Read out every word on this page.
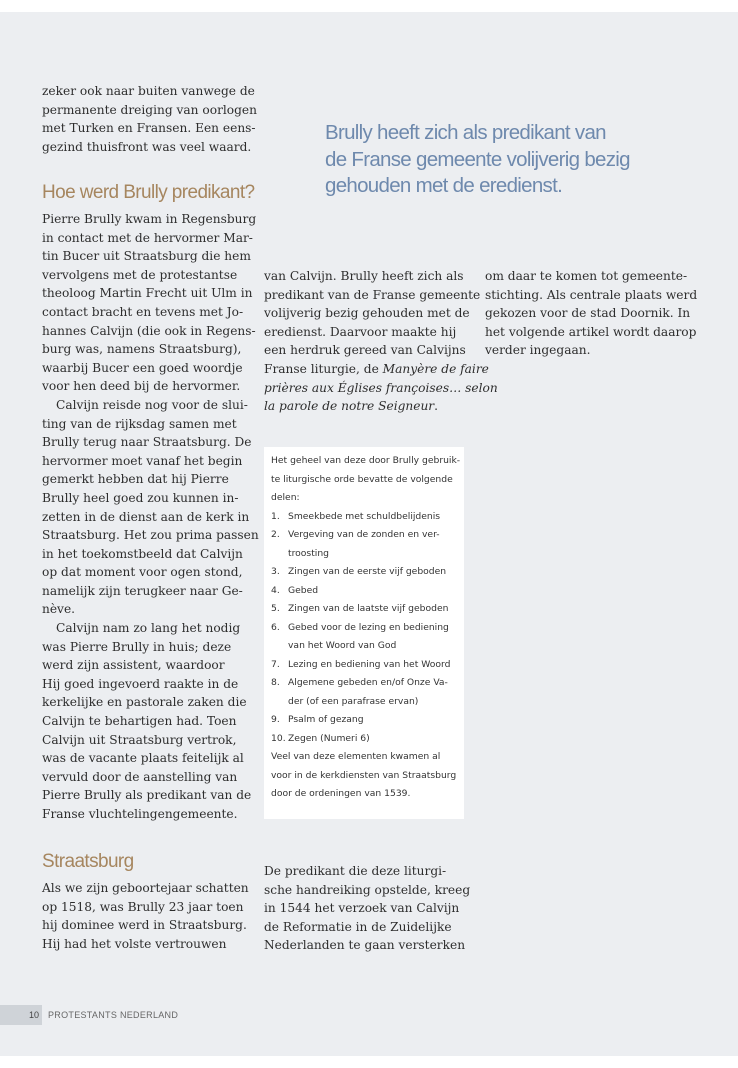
zeker ook naar buiten vanwege de
permanente dreiging van oorlogen
met Turken en Fransen. Een eens-
gezind thuisfront was veel waard.
Hoe werd Brully predikant?
Pierre Brully kwam in Regensburg
in contact met de hervormer Mar-
tin Bucer uit Straatsburg die hem
vervolgens met de protestantse
theoloog Martin Frecht uit Ulm in
contact bracht en tevens met Jo-
hannes Calvijn (die ook in Regens-
burg was, namens Straatsburg),
waarbij Bucer een goed woordje
voor hen deed bij de hervormer.
Calvijn reisde nog voor de slui-
ting van de rijksdag samen met
Brully terug naar Straatsburg. De
hervormer moet vanaf het begin
gemerkt hebben dat hij Pierre
Brully heel goed zou kunnen in-
zetten in de dienst aan de kerk in
Straatsburg. Het zou prima passen
in het toekomstbeeld dat Calvijn
op dat moment voor ogen stond,
namelijk zijn terugkeer naar Ge-
nève.
Calvijn nam zo lang het nodig
was Pierre Brully in huis; deze
werd zijn assistent, waardoor
Hij goed ingevoerd raakte in de
kerkelijke en pastorale zaken die
Calvijn te behartigen had. Toen
Calvijn uit Straatsburg vertrok,
was de vacante plaats feitelijk al
vervuld door de aanstelling van
Pierre Brully als predikant van de
Franse vluchtelingengemeente.
Straatsburg
Als we zijn geboortejaar schatten
op 1518, was Brully 23 jaar toen
hij dominee werd in Straatsburg.
Hij had het volste vertrouwen
Brully heeft zich als predikant van
de Franse gemeente volijverig bezig
gehouden met de eredienst.
van Calvijn. Brully heeft zich als
predikant van de Franse gemeente
volijverig bezig gehouden met de
eredienst. Daarvoor maakte hij
een herdruk gereed van Calvijns
Franse liturgie, de Manyère de faire
prières aux Églises françoises… selon
la parole de notre Seigneur.
Het geheel van deze door Brully gebruik-
te liturgische orde bevatte de volgende
delen:
1. Smeekbede met schuldbelijdenis
2. Vergeving van de zonden en ver-
troosting
3. Zingen van de eerste vijf geboden
4. Gebed
5. Zingen van de laatste vijf geboden
6. Gebed voor de lezing en bediening
van het Woord van God
7. Lezing en bediening van het Woord
8. Algemene gebeden en/of Onze Va-
der (of een parafrase ervan)
9. Psalm of gezang
10. Zegen (Numeri 6)
Veel van deze elementen kwamen al
voor in de kerkdiensten van Straatsburg
door de ordeningen van 1539.
De predikant die deze liturgi-
sche handreiking opstelde, kreeg
in 1544 het verzoek van Calvijn
de Reformatie in de Zuidelijke
Nederlanden te gaan versterken
om daar te komen tot gemeente-
stichting. Als centrale plaats werd
gekozen voor de stad Doornik. In
het volgende artikel wordt daarop
verder ingegaan.
10	PROTESTANTS NEDERLAND
